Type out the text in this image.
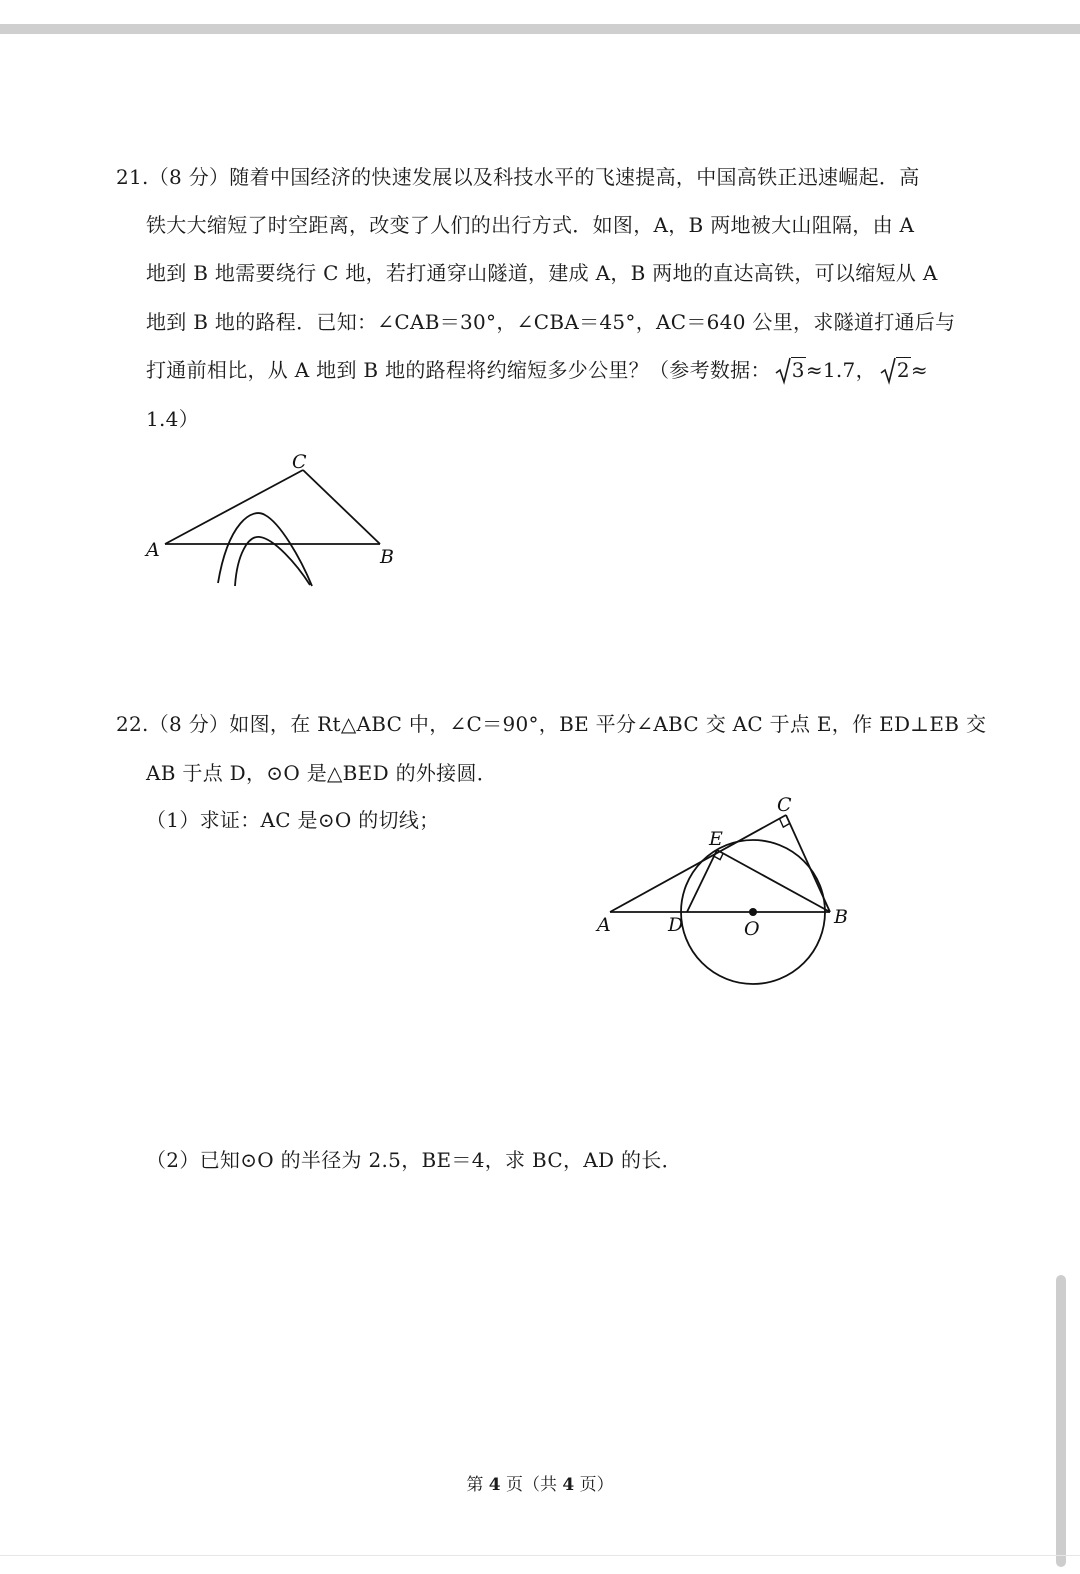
21.（8 分）随着中国经济的快速发展以及科技水平的飞速提高，中国高铁正迅速崛起．高
铁大大缩短了时空距离，改变了人们的出行方式．如图，A，B 两地被大山阻隔，由 A
地到 B 地需要绕行 C 地，若打通穿山隧道，建成 A，B 两地的直达高铁，可以缩短从 A
地到 B 地的路程．已知：∠CAB＝30°，∠CBA＝45°，AC＝640 公里，求隧道打通后与
打通前相比，从 A 地到 B 地的路程将约缩短多少公里？（参考数据： 3≈1.7， 2≈
1.4）
A	B
C
22.（8 分）如图，在 Rt△ABC 中，∠C＝90°，BE 平分∠ABC 交 AC 于点 E，作 ED⊥EB 交
AB 于点 D，⊙O 是△BED 的外接圆．
（1）求证：AC 是⊙O 的切线；
A	B
C
D
E
O
（2）已知⊙O 的半径为 2.5，BE＝4，求 BC，AD 的长．
第 4 页（共 4 页）
